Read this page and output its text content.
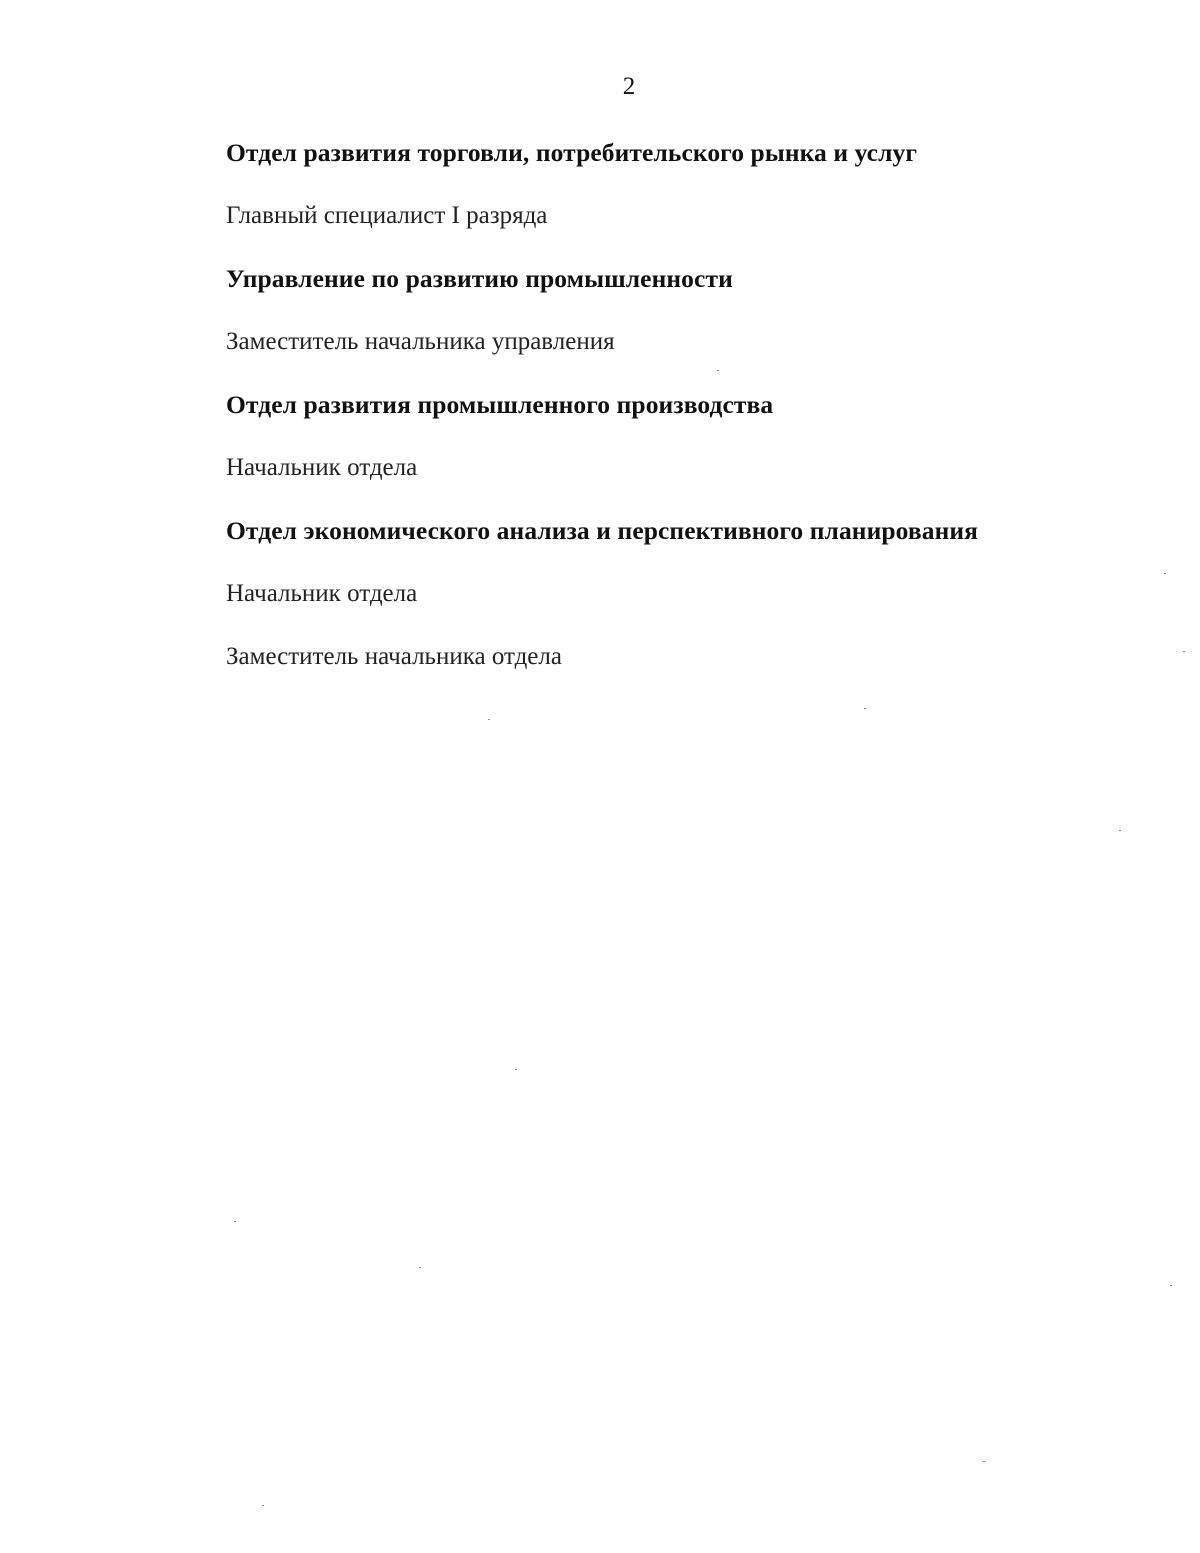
2

Отдел развития торговли, потребительского рынка и услуг

Главный специалист I разряда

Управление по развитию промышленности

Заместитель начальника управления

Отдел развития промышленного производства

Начальник отдела

Отдел экономического анализа и перспективного планирования

Начальник отдела

Заместитель начальника отдела
